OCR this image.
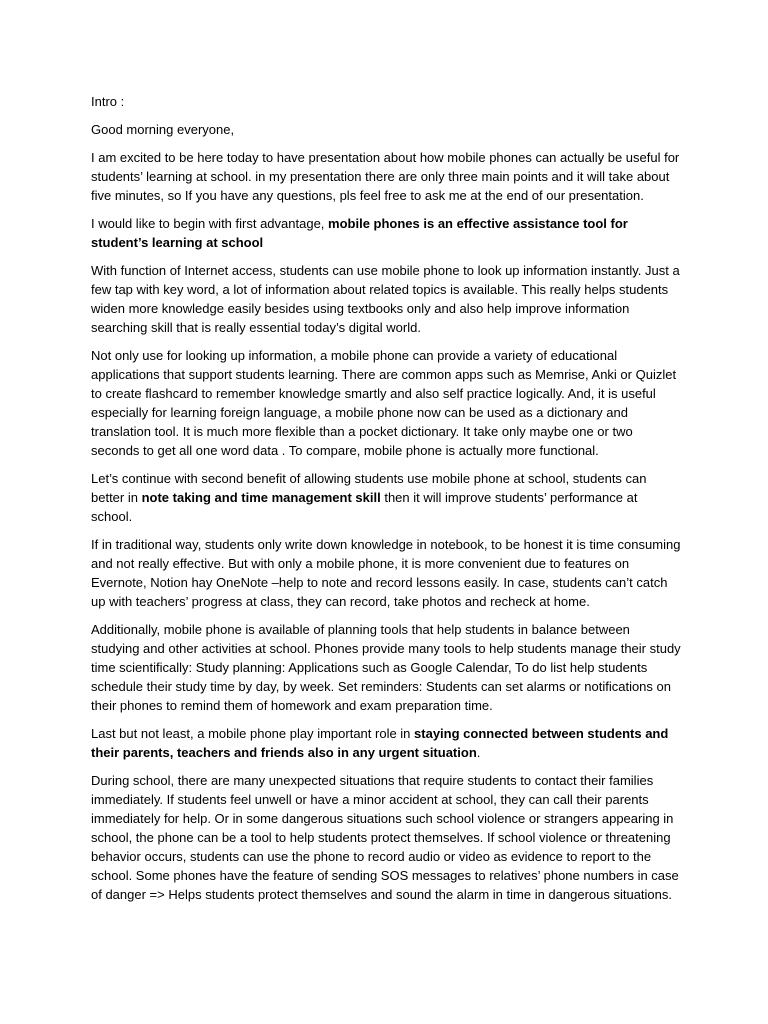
Intro :

Good morning everyone,

I am excited to be here today to have presentation about how mobile phones can actually be useful for students’ learning at school. in my presentation there are only three main points and it will take about five minutes, so If you have any questions, pls feel free to ask me at the end of our presentation.

I would like to begin with first advantage, mobile phones is an effective assistance tool for student’s learning at school

With function of Internet access, students can use mobile phone to look up information instantly. Just a few tap with key word, a lot of information about related topics is available. This really helps students widen more knowledge easily besides using textbooks only and also help improve information searching skill that is really essential today’s digital world.

Not only use for looking up information, a mobile phone can provide a variety of educational applications that support students learning. There are common apps such as Memrise, Anki or Quizlet to create flashcard to remember knowledge smartly and also self practice logically. And, it is useful especially for learning foreign language, a mobile phone now can be used as a dictionary and translation tool. It is much more flexible than a pocket dictionary. It take only maybe one or two seconds to get all one word data . To compare, mobile phone is actually more functional.

Let’s continue with second benefit of allowing students use mobile phone at school, students can better in note taking and time management skill then it will improve students’ performance at school.

If in traditional way, students only write down knowledge in notebook, to be honest it is time consuming and not really effective. But with only a mobile phone, it is more convenient due to features on Evernote, Notion hay OneNote –help to note and record lessons easily. In case, students can’t catch up with teachers’ progress at class, they can record, take photos and recheck at home.

Additionally, mobile phone is available of planning tools that help students in balance between studying and other activities at school. Phones provide many tools to help students manage their study time scientifically: Study planning: Applications such as Google Calendar, To do list help students schedule their study time by day, by week. Set reminders: Students can set alarms or notifications on their phones to remind them of homework and exam preparation time.

Last but not least, a mobile phone play important role in staying connected between students and their parents, teachers and friends also in any urgent situation.

During school, there are many unexpected situations that require students to contact their families immediately. If students feel unwell or have a minor accident at school, they can call their parents immediately for help. Or in some dangerous situations such school violence or strangers appearing in school, the phone can be a tool to help students protect themselves. If school violence or threatening behavior occurs, students can use the phone to record audio or video as evidence to report to the school. Some phones have the feature of sending SOS messages to relatives’ phone numbers in case of danger => Helps students protect themselves and sound the alarm in time in dangerous situations.
